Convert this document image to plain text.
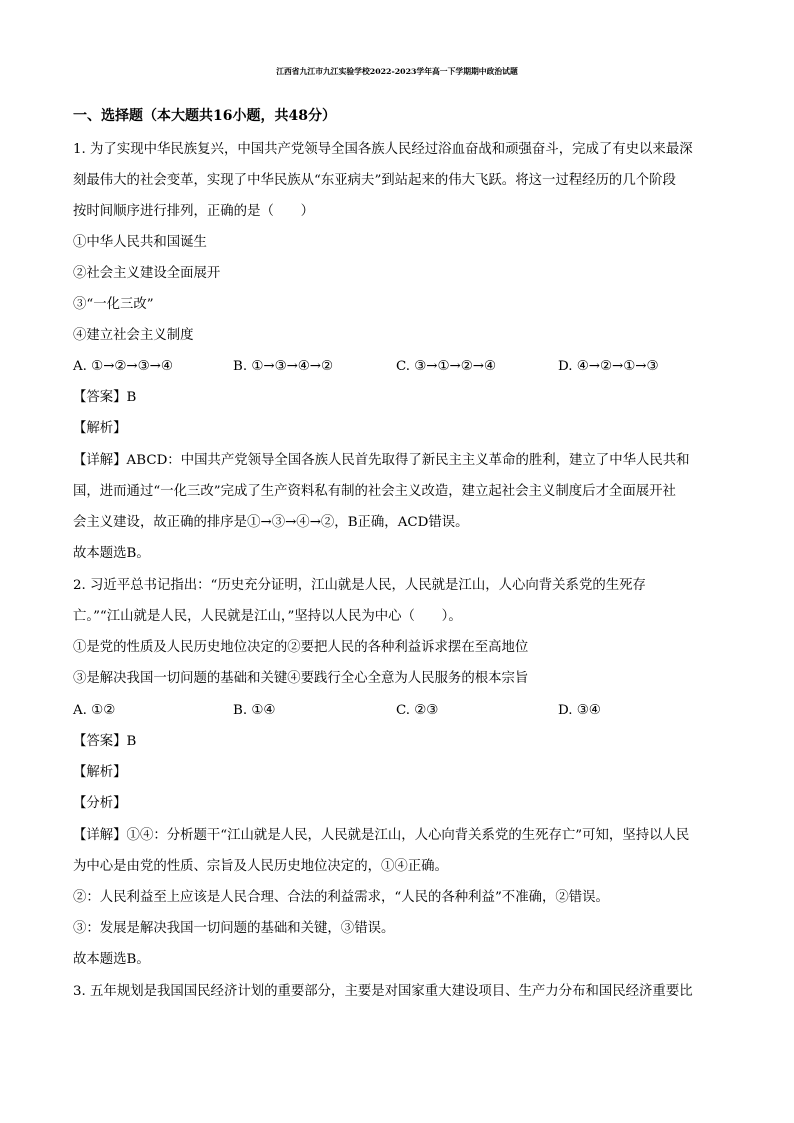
江西省九江市九江实验学校2022-2023学年高一下学期期中政治试题
一、选择题（本大题共16小题，共48分）
1. 为了实现中华民族复兴，中国共产党领导全国各族人民经过浴血奋战和顽强奋斗，完成了有史以来最深
刻最伟大的社会变革，实现了中华民族从“东亚病夫”到站起来的伟大飞跃。将这一过程经历的几个阶段
按时间顺序进行排列，正确的是（　　）
①中华人民共和国诞生
②社会主义建设全面展开
③“一化三改”
④建立社会主义制度
A. ①→②→③→④	B. ①→③→④→②	C. ③→①→②→④	D. ④→②→①→③
【答案】B
【解析】
【详解】ABCD：中国共产党领导全国各族人民首先取得了新民主主义革命的胜利，建立了中华人民共和
国，进而通过“一化三改”完成了生产资料私有制的社会主义改造，建立起社会主义制度后才全面展开社
会主义建设，故正确的排序是①→③→④→②，B正确，ACD错误。
故本题选B。
2. 习近平总书记指出：“历史充分证明，江山就是人民，人民就是江山，人心向背关系党的生死存
亡。”“江山就是人民，人民就是江山，”坚持以人民为中心（　　）。
①是党的性质及人民历史地位决定的②要把人民的各种利益诉求摆在至高地位
③是解决我国一切问题的基础和关键④要践行全心全意为人民服务的根本宗旨
A. ①②	B. ①④	C. ②③	D. ③④
【答案】B
【解析】
【分析】
【详解】①④：分析题干“江山就是人民，人民就是江山，人心向背关系党的生死存亡”可知，坚持以人民
为中心是由党的性质、宗旨及人民历史地位决定的，①④正确。
②：人民利益至上应该是人民合理、合法的利益需求，“人民的各种利益”不准确，②错误。
③：发展是解决我国一切问题的基础和关键，③错误。
故本题选B。
3. 五年规划是我国国民经济计划的重要部分，主要是对国家重大建设项目、生产力分布和国民经济重要比
